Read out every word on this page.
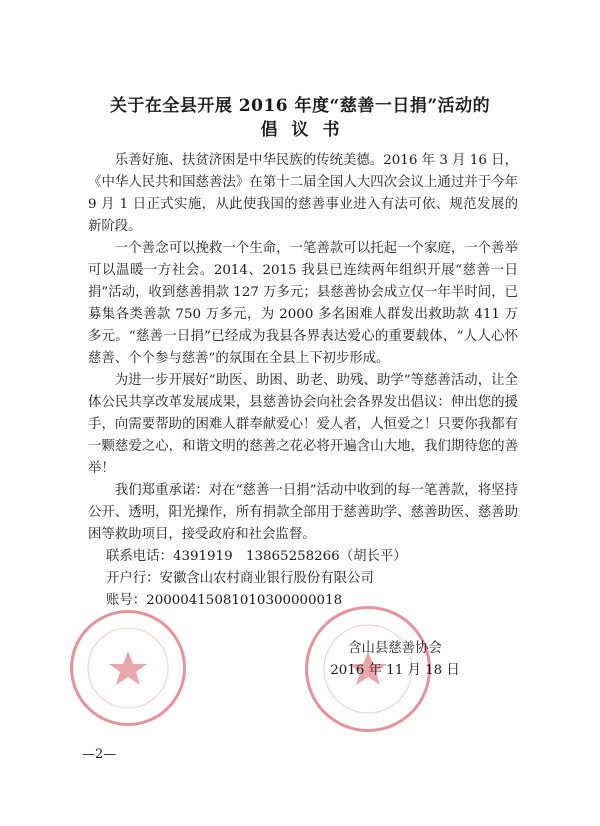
关于在全县开展 2016 年度“慈善一日捐”活动的
倡议书

乐善好施、扶贫济困是中华民族的传统美德。2016 年 3 月 16 日，《中华人民共和国慈善法》在第十二届全国人大四次会议上通过并于今年 9 月 1 日正式实施，从此使我国的慈善事业进入有法可依、规范发展的新阶段。

一个善念可以挽救一个生命，一笔善款可以托起一个家庭，一个善举可以温暖一方社会。2014、2015 我县已连续两年组织开展“慈善一日捐”活动，收到慈善捐款 127 万多元；县慈善协会成立仅一年半时间，已募集各类善款 750 万多元，为 2000 多名困难人群发出救助款 411 万多元。“慈善一日捐”已经成为我县各界表达爱心的重要载体，“人人心怀慈善、个个参与慈善”的氛围在全县上下初步形成。

为进一步开展好“助医、助困、助老、助残、助学”等慈善活动，让全体公民共享改革发展成果，县慈善协会向社会各界发出倡议：伸出您的援手，向需要帮助的困难人群奉献爱心！爱人者，人恒爱之！只要你我都有一颗慈爱之心，和谐文明的慈善之花必将开遍含山大地，我们期待您的善举！

我们郑重承诺：对在“慈善一日捐”活动中收到的每一笔善款，将坚持公开、透明，阳光操作，所有捐款全部用于慈善助学、慈善助医、慈善助困等救助项目，接受政府和社会监督。

联系电话：4391919　13865258266（胡长平）
开户行：安徽含山农村商业银行股份有限公司
账号：20000415081010300000018
含山县慈善协会
2016 年 11 月 18 日
—2—
